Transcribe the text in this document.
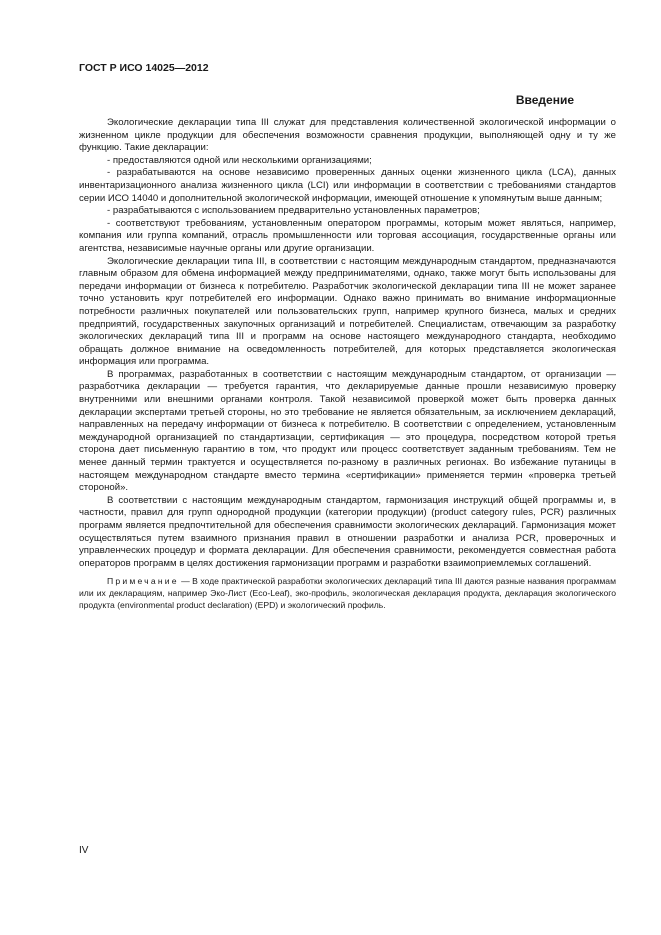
ГОСТ Р ИСО 14025—2012
Введение

Экологические декларации типа III служат для представления количественной экологической информации о жизненном цикле продукции для обеспечения возможности сравнения продукции, выполняющей одну и ту же функцию. Такие декларации:

- предоставляются одной или несколькими организациями;

- разрабатываются на основе независимо проверенных данных оценки жизненного цикла (LCA), данных инвентаризационного анализа жизненного цикла (LCI) или информации в соответствии с требованиями стандартов серии ИСО 14040 и дополнительной экологической информации, имеющей отношение к упомянутым выше данным;

- разрабатываются с использованием предварительно установленных параметров;

- соответствуют требованиям, установленным оператором программы, которым может являться, например, компания или группа компаний, отрасль промышленности или торговая ассоциация, государственные органы или агентства, независимые научные органы или другие организации.

Экологические декларации типа III, в соответствии с настоящим международным стандартом, предназначаются главным образом для обмена информацией между предпринимателями, однако, также могут быть использованы для передачи информации от бизнеса к потребителю. Разработчик экологической декларации типа III не может заранее точно установить круг потребителей его информации. Однако важно принимать во внимание информационные потребности различных покупателей или пользовательских групп, например крупного бизнеса, малых и средних предприятий, государственных закупочных организаций и потребителей. Специалистам, отвечающим за разработку экологических деклараций типа III и программ на основе настоящего международного стандарта, необходимо обращать должное внимание на осведомленность потребителей, для которых представляется экологическая информация или программа.

В программах, разработанных в соответствии с настоящим международным стандартом, от организации — разработчика декларации — требуется гарантия, что декларируемые данные прошли независимую проверку внутренними или внешними органами контроля. Такой независимой проверкой может быть проверка данных декларации экспертами третьей стороны, но это требование не является обязательным, за исключением деклараций, направленных на передачу информации от бизнеса к потребителю. В соответствии с определением, установленным международной организацией по стандартизации, сертификация — это процедура, посредством которой третья сторона дает письменную гарантию в том, что продукт или процесс соответствует заданным требованиям. Тем не менее данный термин трактуется и осуществляется по-разному в различных регионах. Во избежание путаницы в настоящем международном стандарте вместо термина «сертификации» применяется термин «проверка третьей стороной».

В соответствии с настоящим международным стандартом, гармонизация инструкций общей программы и, в частности, правил для групп однородной продукции (категории продукции) (product category rules, PCR) различных программ является предпочтительной для обеспечения сравнимости экологических деклараций. Гармонизация может осуществляться путем взаимного признания правил в отношении разработки и анализа PCR, проверочных и управленческих процедур и формата декларации. Для обеспечения сравнимости, рекомендуется совместная работа операторов программ в целях достижения гармонизации программ и разработки взаимоприемлемых соглашений.

Примечание — В ходе практической разработки экологических деклараций типа III даются разные названия программам или их декларациям, например Эко-Лист (Eco-Leaf), эко-профиль, экологическая декларация продукта, декларация экологического продукта (environmental product declaration) (EPD) и экологический профиль.

IV
